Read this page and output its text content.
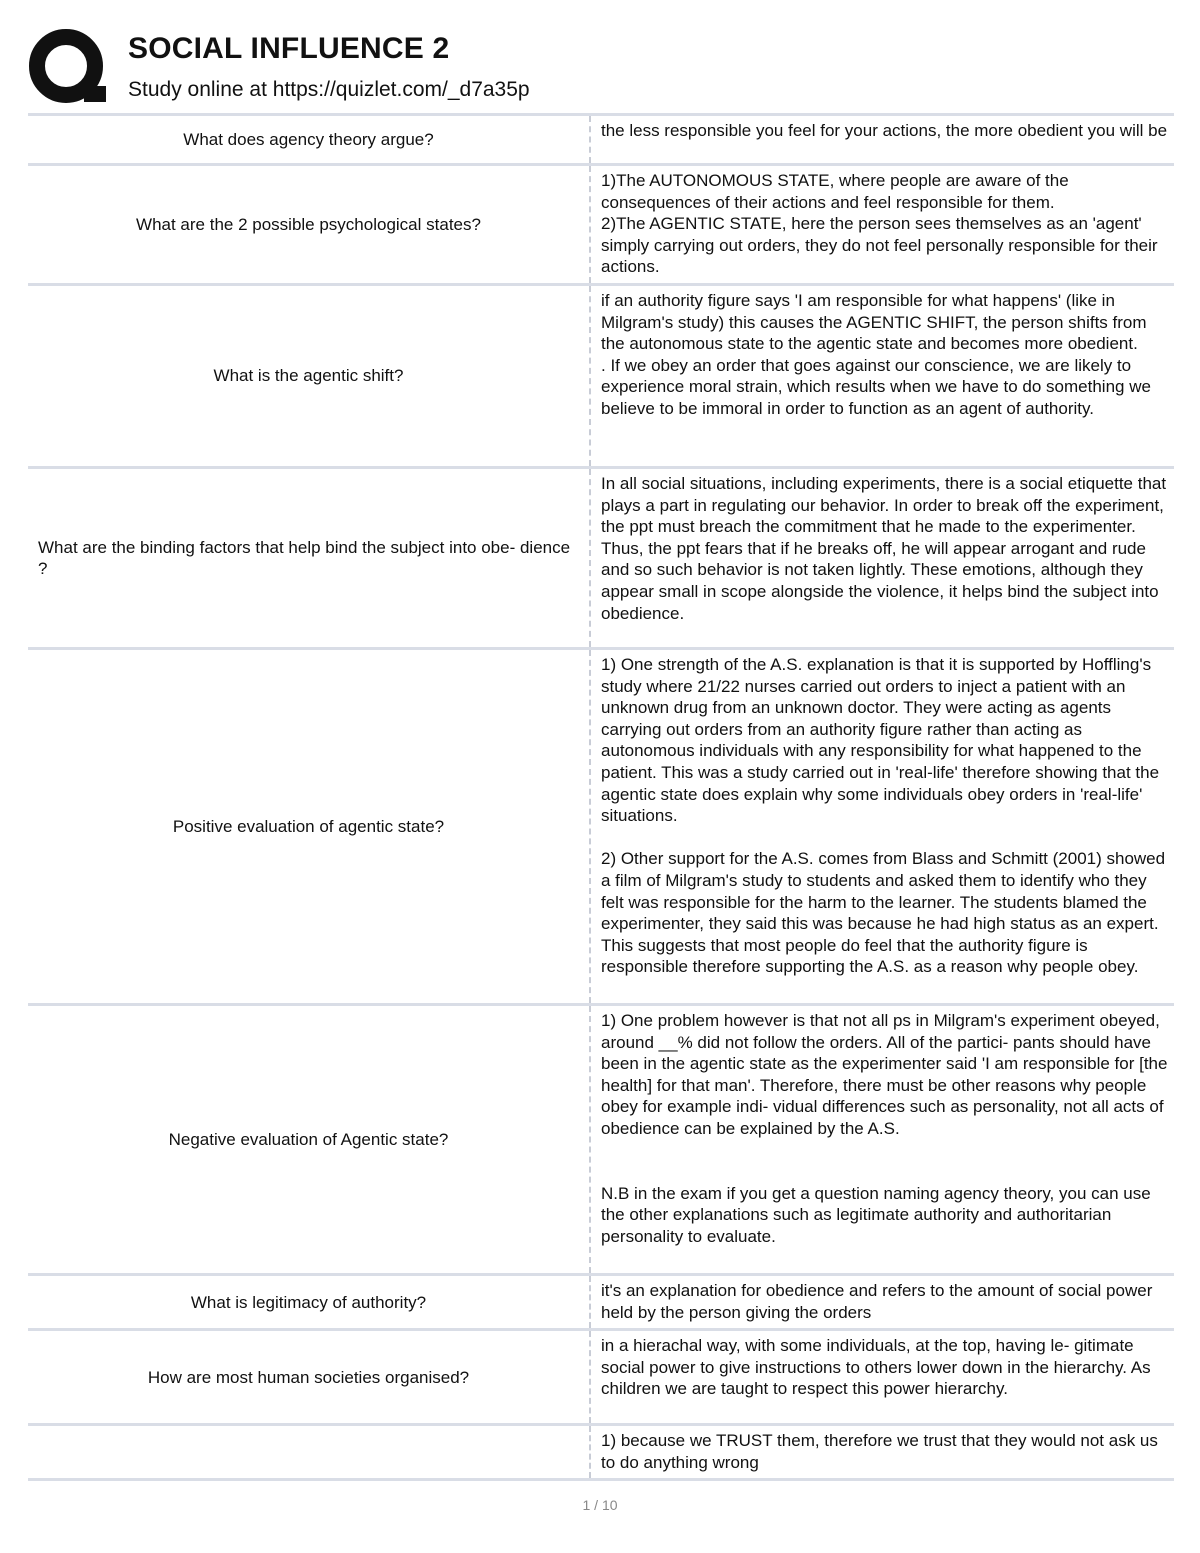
SOCIAL INFLUENCE 2
Study online at https://quizlet.com/_d7a35p
What does agency theory argue?	the less responsible you feel for your actions, the more obedient you will be
What are the 2 possible psychological states?	1)The AUTONOMOUS STATE, where people are aware of the consequences of their actions and feel responsible for them.
2)The AGENTIC STATE, here the person sees themselves as an 'agent' simply carrying out orders, they do not feel personally responsible for their actions.
What is the agentic shift?	if an authority figure says 'I am responsible for what happens' (like in Milgram's study) this causes the AGENTIC SHIFT, the person shifts from the autonomous state to the agentic state and becomes more obedient.
. If we obey an order that goes against our conscience, we are likely to experience moral strain, which results when we have to do something we believe to be immoral in order to function as an agent of authority.
What are the binding factors that help bind the subject into obe- dience ?	In all social situations, including experiments, there is a social etiquette that plays a part in regulating our behavior. In order to break off the experiment, the ppt must breach the commitment that he made to the experimenter. Thus, the ppt fears that if he breaks off, he will appear arrogant and rude and so such behavior is not taken lightly. These emotions, although they appear small in scope alongside the violence, it helps bind the subject into obedience.
Positive evaluation of agentic state?	1) One strength of the A.S. explanation is that it is supported by Hoffling's study where 21/22 nurses carried out orders to inject a patient with an unknown drug from an unknown doctor. They were acting as agents carrying out orders from an authority figure rather than acting as autonomous individuals with any responsibility for what happened to the patient. This was a study carried out in 'real-life' therefore showing that the agentic state does explain why some individuals obey orders in 'real-life' situations.

2) Other support for the A.S. comes from Blass and Schmitt (2001) showed a film of Milgram's study to students and asked them to identify who they felt was responsible for the harm to the learner. The students blamed the experimenter, they said this was because he had high status as an expert. This suggests that most people do feel that the authority figure is responsible therefore supporting the A.S. as a reason why people obey.
Negative evaluation of Agentic state?	1) One problem however is that not all ps in Milgram's experiment obeyed, around __% did not follow the orders. All of the partici- pants should have been in the agentic state as the experimenter said 'I am responsible for [the health] for that man'. Therefore, there must be other reasons why people obey for example indi- vidual differences such as personality, not all acts of obedience can be explained by the A.S.

N.B in the exam if you get a question naming agency theory, you can use the other explanations such as legitimate authority and authoritarian personality to evaluate.
What is legitimacy of authority?	it's an explanation for obedience and refers to the amount of social power held by the person giving the orders
How are most human societies organised?	in a hierachal way, with some individuals, at the top, having le- gitimate social power to give instructions to others lower down in the hierarchy. As children we are taught to respect this power hierarchy.
	1) because we TRUST them, therefore we trust that they would not ask us to do anything wrong
1 / 10
